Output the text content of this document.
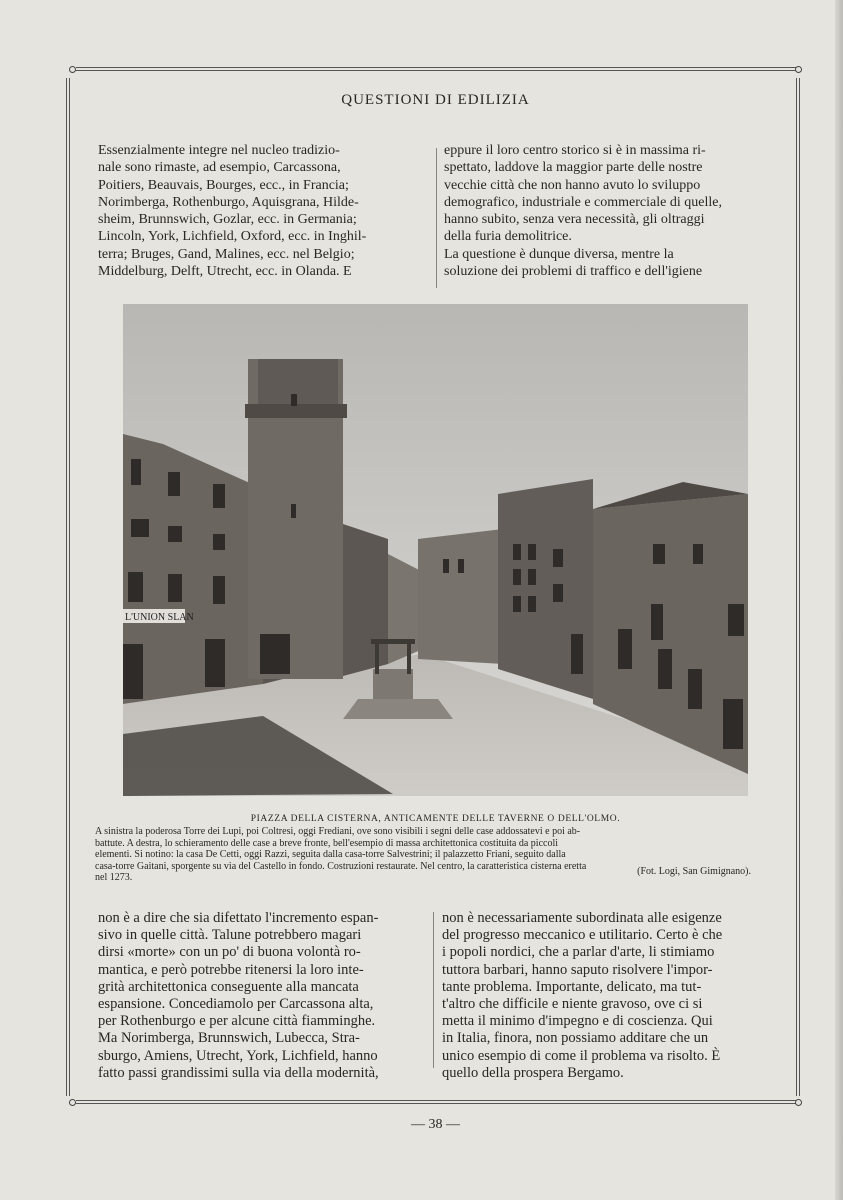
QUESTIONI DI EDILIZIA
Essenzialmente integre nel nucleo tradizio-
nale sono rimaste, ad esempio, Carcassona,
Poitiers, Beauvais, Bourges, ecc., in Francia;
Norimberga, Rothenburgo, Aquisgrana, Hilde-
sheim, Brunnswich, Gozlar, ecc. in Germania;
Lincoln, York, Lichfield, Oxford, ecc. in Inghil-
terra; Bruges, Gand, Malines, ecc. nel Belgio;
Middelburg, Delft, Utrecht, ecc. in Olanda. E
eppure il loro centro storico si è in massima ri-
spettato, laddove la maggior parte delle nostre
vecchie città che non hanno avuto lo sviluppo
demografico, industriale e commerciale di quelle,
hanno subito, senza vera necessità, gli oltraggi
della furia demolitrice.
La questione è dunque diversa, mentre la
soluzione dei problemi di traffico e dell'igiene
L'UNION SLAN
PIAZZA DELLA CISTERNA, ANTICAMENTE DELLE TAVERNE O DELL'OLMO.
A sinistra la poderosa Torre dei Lupi, poi Coltresi, oggi Frediani, ove sono visibili i segni delle case addossatevi e poi ab-
battute. A destra, lo schieramento delle case a breve fronte, bell'esempio di massa architettonica costituita da piccoli
elementi. Si notino: la casa De Cetti, oggi Razzi, seguita dalla casa-torre Salvestrini; il palazzetto Friani, seguito dalla
casa-torre Gaitani, sporgente su via del Castello in fondo. Costruzioni restaurate. Nel centro, la caratteristica cisterna eretta
nel 1273.
(Fot. Logi, San Gimignano).
non è a dire che sia difettato l'incremento espan-
sivo in quelle città. Talune potrebbero magari
dirsi «morte» con un po' di buona volontà ro-
mantica, e però potrebbe ritenersi la loro inte-
grità architettonica conseguente alla mancata
espansione. Concediamolo per Carcassona alta,
per Rothenburgo e per alcune città fiamminghe.
Ma Norimberga, Brunnswich, Lubecca, Stra-
sburgo, Amiens, Utrecht, York, Lichfield, hanno
fatto passi grandissimi sulla via della modernità,
non è necessariamente subordinata alle esigenze
del progresso meccanico e utilitario. Certo è che
i popoli nordici, che a parlar d'arte, li stimiamo
tuttora barbari, hanno saputo risolvere l'impor-
tante problema. Importante, delicato, ma tut-
t'altro che difficile e niente gravoso, ove ci si
metta il minimo d'impegno e di coscienza. Qui
in Italia, finora, non possiamo additare che un
unico esempio di come il problema va risolto. È
quello della prospera Bergamo.
— 38 —
